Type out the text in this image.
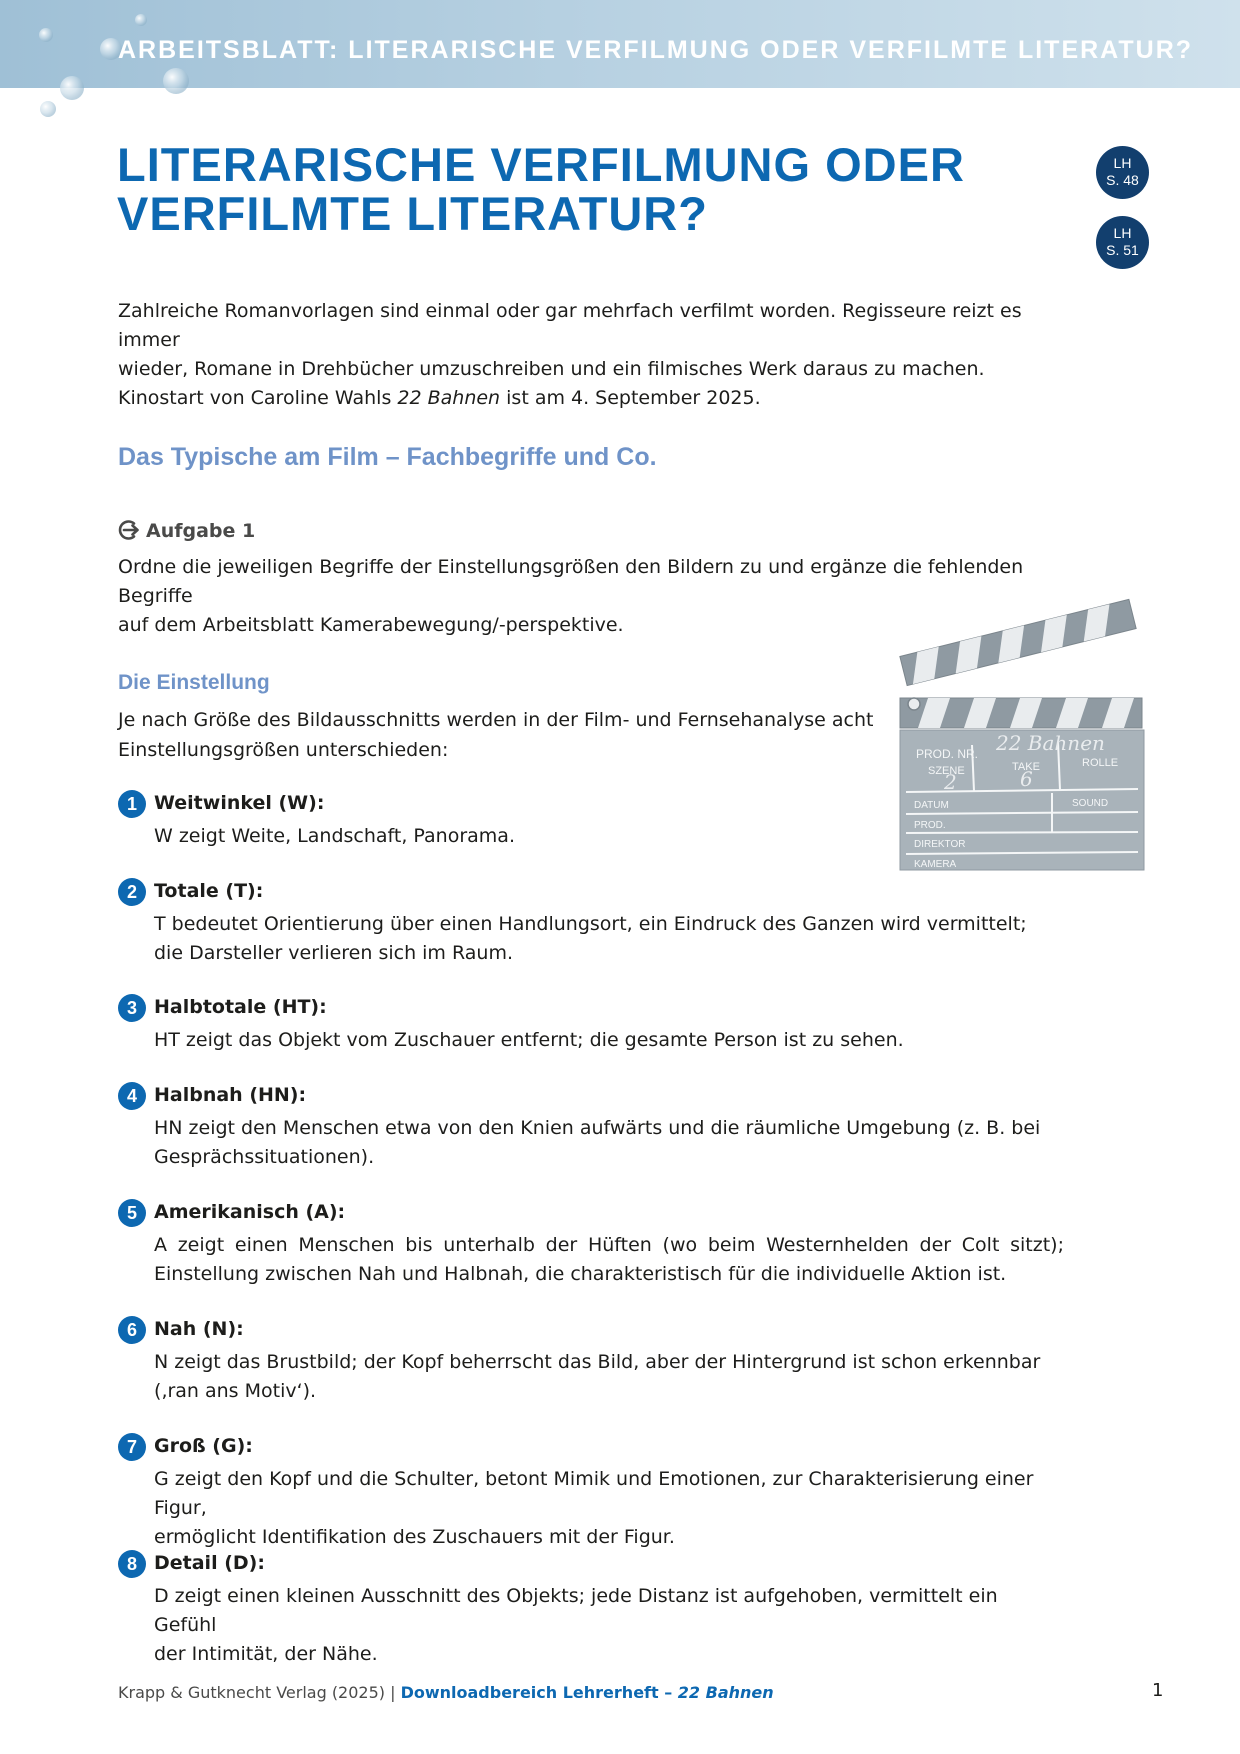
ARBEITSBLATT: LITERARISCHE VERFILMUNG ODER VERFILMTE LITERATUR?
LITERARISCHE VERFILMUNG ODER
VERFILMTE LITERATUR?
LH
S. 48
LH
S. 51

Zahlreiche Romanvorlagen sind einmal oder gar mehrfach verfilmt worden. Regisseure reizt es immer
wieder, Romane in Drehbücher umzuschreiben und ein filmisches Werk daraus zu machen.
Kinostart von Caroline Wahls 22 Bahnen ist am 4. September 2025.

Das Typische am Film – Fachbegriffe und Co.
Aufgabe 1

Ordne die jeweiligen Begriffe der Einstellungsgrößen den Bildern zu und ergänze die fehlenden Begriffe
auf dem Arbeitsblatt Kamerabewegung/-perspektive.

Die Einstellung

Je nach Größe des Bildausschnitts werden in der Film- und Fernsehanalyse acht
Einstellungsgrößen unterschieden:	PROD. NR. 22 Bahnen
SZENE	TAKE	ROLLE
2	6
DATUM	SOUND
PROD.
DIREKTOR
KAMERA
1 Weitwinkel (W):

W zeigt Weite, Landschaft, Panorama.

2 Totale (T):

T bedeutet Orientierung über einen Handlungsort, ein Eindruck des Ganzen wird vermittelt;
die Darsteller verlieren sich im Raum.

3 Halbtotale (HT):

HT zeigt das Objekt vom Zuschauer entfernt; die gesamte Person ist zu sehen.

4 Halbnah (HN):

HN zeigt den Menschen etwa von den Knien aufwärts und die räumliche Umgebung (z. B. bei
Gesprächssituationen).

5 Amerikanisch (A):

A zeigt einen Menschen bis unterhalb der Hüften (wo beim Westernhelden der Colt sitzt);
Einstellung zwischen Nah und Halbnah, die charakteristisch für die individuelle Aktion ist.

6 Nah (N):

N zeigt das Brustbild; der Kopf beherrscht das Bild, aber der Hintergrund ist schon erkennbar
(‚ran ans Motiv‘).

7 Groß (G):

G zeigt den Kopf und die Schulter, betont Mimik und Emotionen, zur Charakterisierung einer Figur,
ermöglicht Identifikation des Zuschauers mit der Figur.

8 Detail (D):

D zeigt einen kleinen Ausschnitt des Objekts; jede Distanz ist aufgehoben, vermittelt ein Gefühl
der Intimität, der Nähe.

Krapp & Gutknecht Verlag (2025) | Downloadbereich Lehrerheft – 22 Bahnen	1
